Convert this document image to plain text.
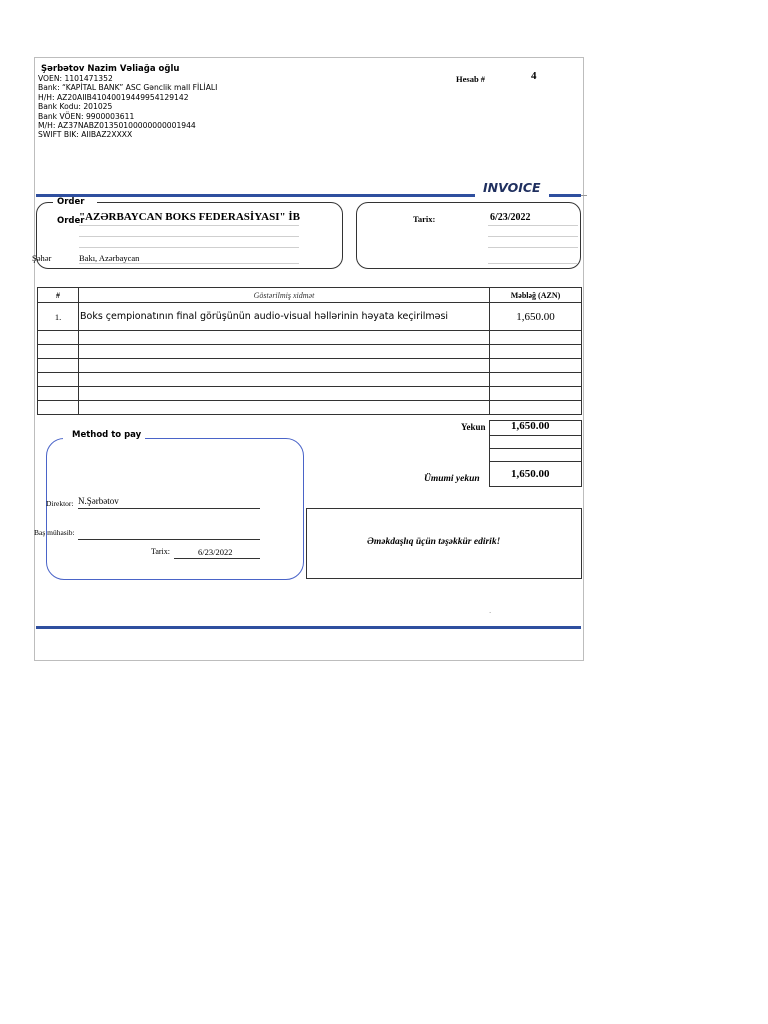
Şərbətov Nazim Vəliağa oğlu
VOEN: 1101471352
Bank: “KAPİTAL BANK” ASC Gənclik mall FİLİALI
H/H: AZ20AIIB41040019449954129142
Bank Kodu: 201025
Bank VÖEN: 9900003611
M/H: AZ37NABZ01350100000000001944
SWIFT BIK: AIIBAZ2XXXX
Hesab #	4
INVOICE
Order
Order
"AZƏRBAYCAN BOKS FEDERASİYASI" İB
Şəhər	Bakı, Azərbaycan
Tarix:	6/23/2022
#	Göstərilmiş xidmət	Məbləğ (AZN)
1.	Boks çempionatının final görüşünün audio-visual həllərinin həyata keçirilməsi	1,650.00

Yekun 1,650.00
Ümumi yekun	1,650.00
Method to pay
Direktor: N.Şərbətov
Baş mühasib:
Tarix:	6/23/2022
Əməkdaşlıq üçün təşəkkür edirik!
.
